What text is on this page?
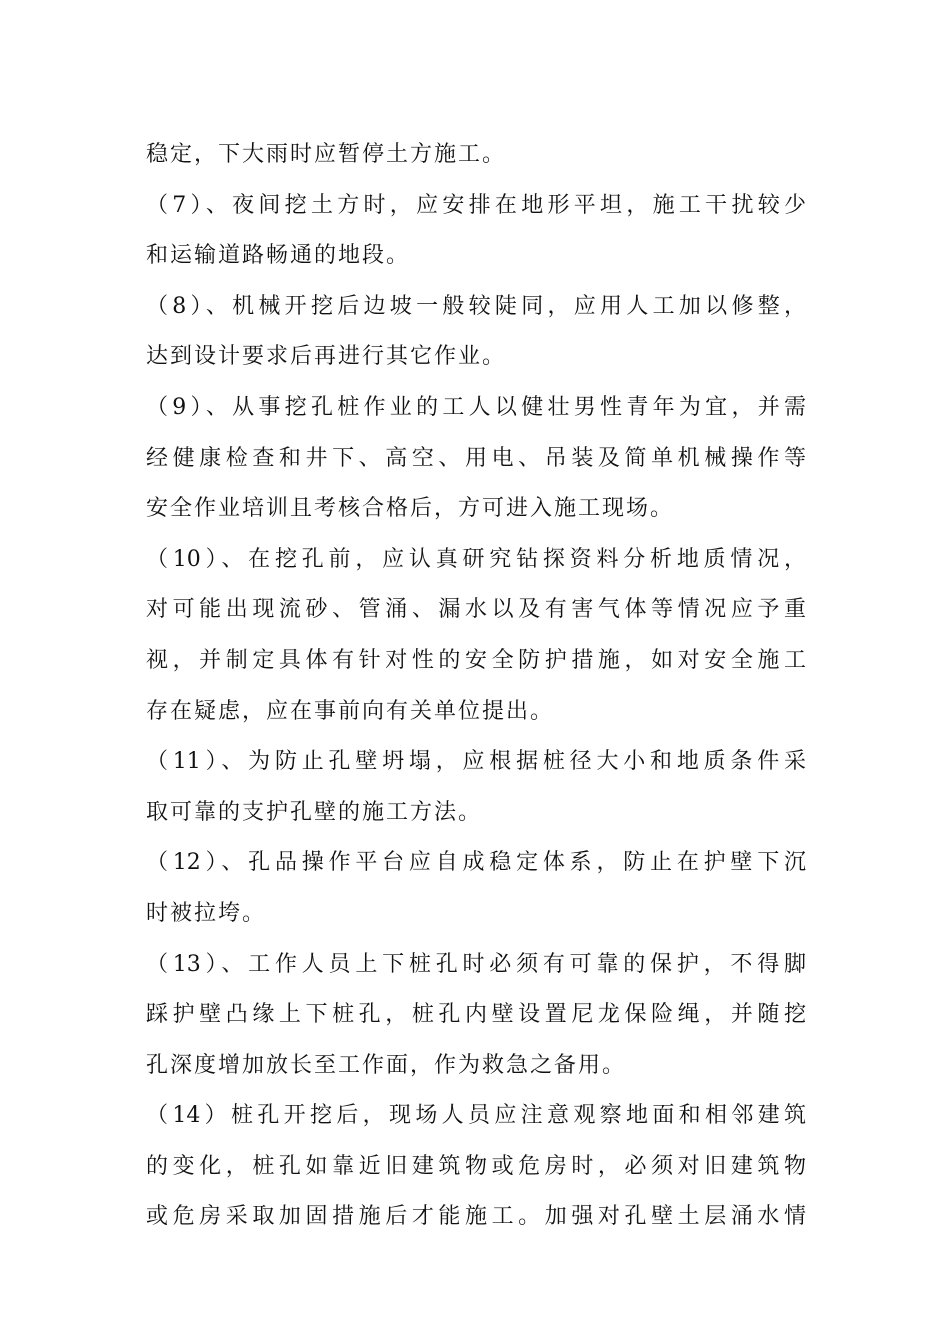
稳定，下大雨时应暂停土方施工。
（7）、夜间挖土方时，应安排在地形平坦，施工干扰较少
和运输道路畅通的地段。
（8）、机械开挖后边坡一般较陡同，应用人工加以修整，
达到设计要求后再进行其它作业。
（9）、从事挖孔桩作业的工人以健壮男性青年为宜，并需
经健康检查和井下、高空、用电、吊装及简单机械操作等
安全作业培训且考核合格后，方可进入施工现场。
（10）、在挖孔前，应认真研究钻探资料分析地质情况，
对可能出现流砂、管涌、漏水以及有害气体等情况应予重
视，并制定具体有针对性的安全防护措施，如对安全施工
存在疑虑，应在事前向有关单位提出。
（11）、为防止孔壁坍塌，应根据桩径大小和地质条件采
取可靠的支护孔壁的施工方法。
（12）、孔品操作平台应自成稳定体系，防止在护壁下沉
时被拉垮。
（13）、工作人员上下桩孔时必须有可靠的保护，不得脚
踩护壁凸缘上下桩孔，桩孔内壁设置尼龙保险绳，并随挖
孔深度增加放长至工作面，作为救急之备用。
（14）桩孔开挖后，现场人员应注意观察地面和相邻建筑
的变化，桩孔如靠近旧建筑物或危房时，必须对旧建筑物
或危房采取加固措施后才能施工。加强对孔壁土层涌水情
